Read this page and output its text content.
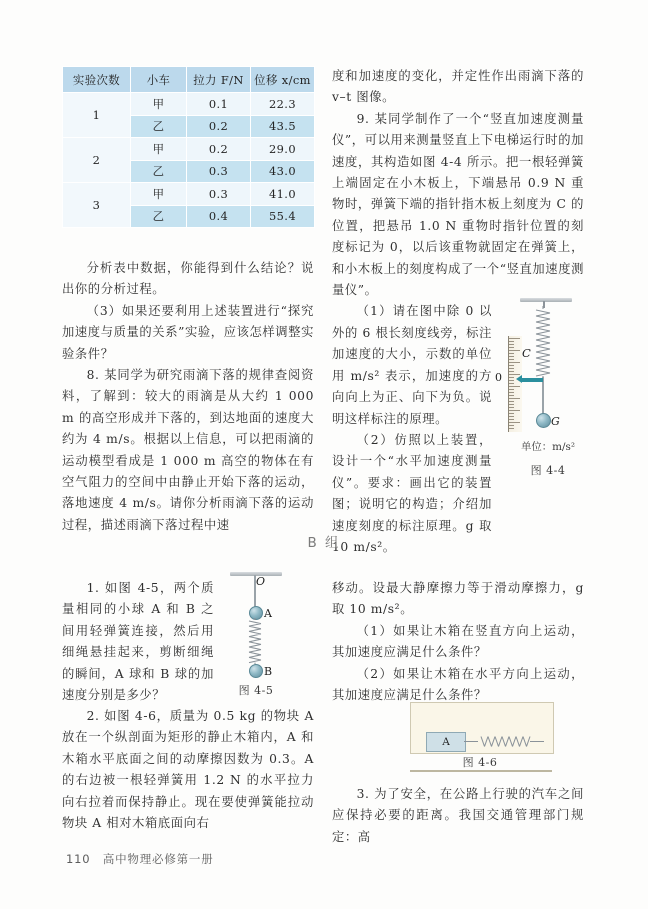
实验次数	小车	拉力 F/N	位移 x/cm
1	甲	0.1	22.3
	乙	0.2	43.5
2	甲	0.2	29.0
	乙	0.3	43.0
3	甲	0.3	41.0
	乙	0.4	55.4

分析表中数据，你能得到什么结论？说出你的分析过程。

（3）如果还要利用上述装置进行“探究加速度与质量的关系”实验，应该怎样调整实验条件？

8. 某同学为研究雨滴下落的规律查阅资料，了解到：较大的雨滴是从大约 1 000 m 的高空形成并下落的，到达地面的速度大约为 4 m/s。根据以上信息，可以把雨滴的运动模型看成是 1 000 m 高空的物体在有空气阻力的空间中由静止开始下落的运动，落地速度 4 m/s。请你分析雨滴下落的运动过程，描述雨滴下落过程中速

度和加速度的变化，并定性作出雨滴下落的 v–t 图像。

9. 某同学制作了一个“竖直加速度测量仪”，可以用来测量竖直上下电梯运行时的加速度，其构造如图 4-4 所示。把一根轻弹簧上端固定在小木板上，下端悬吊 0.9 N 重物时，弹簧下端的指针指木板上刻度为 C 的位置，把悬吊 1.0 N 重物时指针位置的刻度标记为 0，以后该重物就固定在弹簧上，和小木板上的刻度构成了一个“竖直加速度测量仪”。

（1）请在图中除 0 以外的 6 根长刻度线旁，标注加速度的大小，示数的单位用 m/s² 表示，加速度的方向向上为正、向下为负。说明这样标注的原理。

（2）仿照以上装置，设计一个“水平加速度测量仪”。要求：画出它的装置图；说明它的构造；介绍加速度刻度的标注原理。g 取 10 m/s²。

G
C
0
单位：m/s²
图 4-4
B 组

1. 如图 4-5，两个质量相同的小球 A 和 B 之间用轻弹簧连接，然后用细绳悬挂起来，剪断细绳的瞬间，A 球和 B 球的加速度分别是多少？

2. 如图 4-6，质量为 0.5 kg 的物块 A 放在一个纵剖面为矩形的静止木箱内，A 和木箱水平底面之间的动摩擦因数为 0.3。A 的右边被一根轻弹簧用 1.2 N 的水平拉力向右拉着而保持静止。现在要使弹簧能拉动物块 A 相对木箱底面向右

O
A
B
图 4-5

移动。设最大静摩擦力等于滑动摩擦力，g 取 10 m/s²。

（1）如果让木箱在竖直方向上运动，其加速度应满足什么条件？

（2）如果让木箱在水平方向上运动，其加速度应满足什么条件？

A
图 4-6

3. 为了安全，在公路上行驶的汽车之间应保持必要的距离。我国交通管理部门规定：高

110 高中物理必修第一册
